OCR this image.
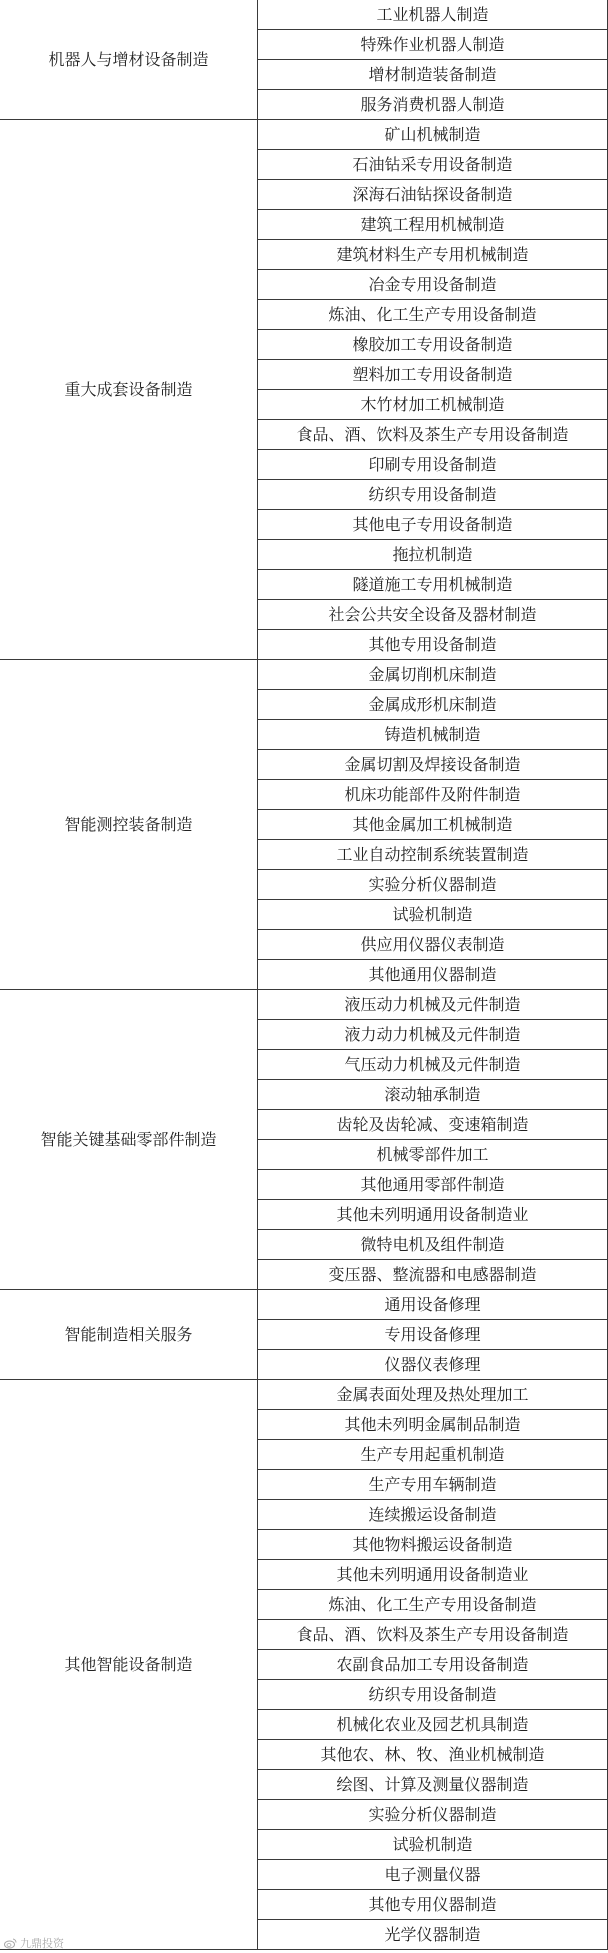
机器人与增材设备制造	工业机器人制造
	特殊作业机器人制造
	增材制造装备制造
	服务消费机器人制造
重大成套设备制造	矿山机械制造
	石油钻采专用设备制造
	深海石油钻探设备制造
	建筑工程用机械制造
	建筑材料生产专用机械制造
	冶金专用设备制造
	炼油、化工生产专用设备制造
	橡胶加工专用设备制造
	塑料加工专用设备制造
	木竹材加工机械制造
	食品、酒、饮料及茶生产专用设备制造
	印刷专用设备制造
	纺织专用设备制造
	其他电子专用设备制造
	拖拉机制造
	隧道施工专用机械制造
	社会公共安全设备及器材制造
	其他专用设备制造
智能测控装备制造	金属切削机床制造
	金属成形机床制造
	铸造机械制造
	金属切割及焊接设备制造
	机床功能部件及附件制造
	其他金属加工机械制造
	工业自动控制系统装置制造
	实验分析仪器制造
	试验机制造
	供应用仪器仪表制造
	其他通用仪器制造
智能关键基础零部件制造	液压动力机械及元件制造
	液力动力机械及元件制造
	气压动力机械及元件制造
	滚动轴承制造
	齿轮及齿轮减、变速箱制造
	机械零部件加工
	其他通用零部件制造
	其他未列明通用设备制造业
	微特电机及组件制造
	变压器、整流器和电感器制造
智能制造相关服务	通用设备修理
	专用设备修理
	仪器仪表修理
其他智能设备制造	金属表面处理及热处理加工
	其他未列明金属制品制造
	生产专用起重机制造
	生产专用车辆制造
	连续搬运设备制造
	其他物料搬运设备制造
	其他未列明通用设备制造业
	炼油、化工生产专用设备制造
	食品、酒、饮料及茶生产专用设备制造
	农副食品加工专用设备制造
	纺织专用设备制造
	机械化农业及园艺机具制造
	其他农、林、牧、渔业机械制造
	绘图、计算及测量仪器制造
	实验分析仪器制造
	试验机制造
	电子测量仪器
	其他专用仪器制造
	光学仪器制造
九鼎投资
